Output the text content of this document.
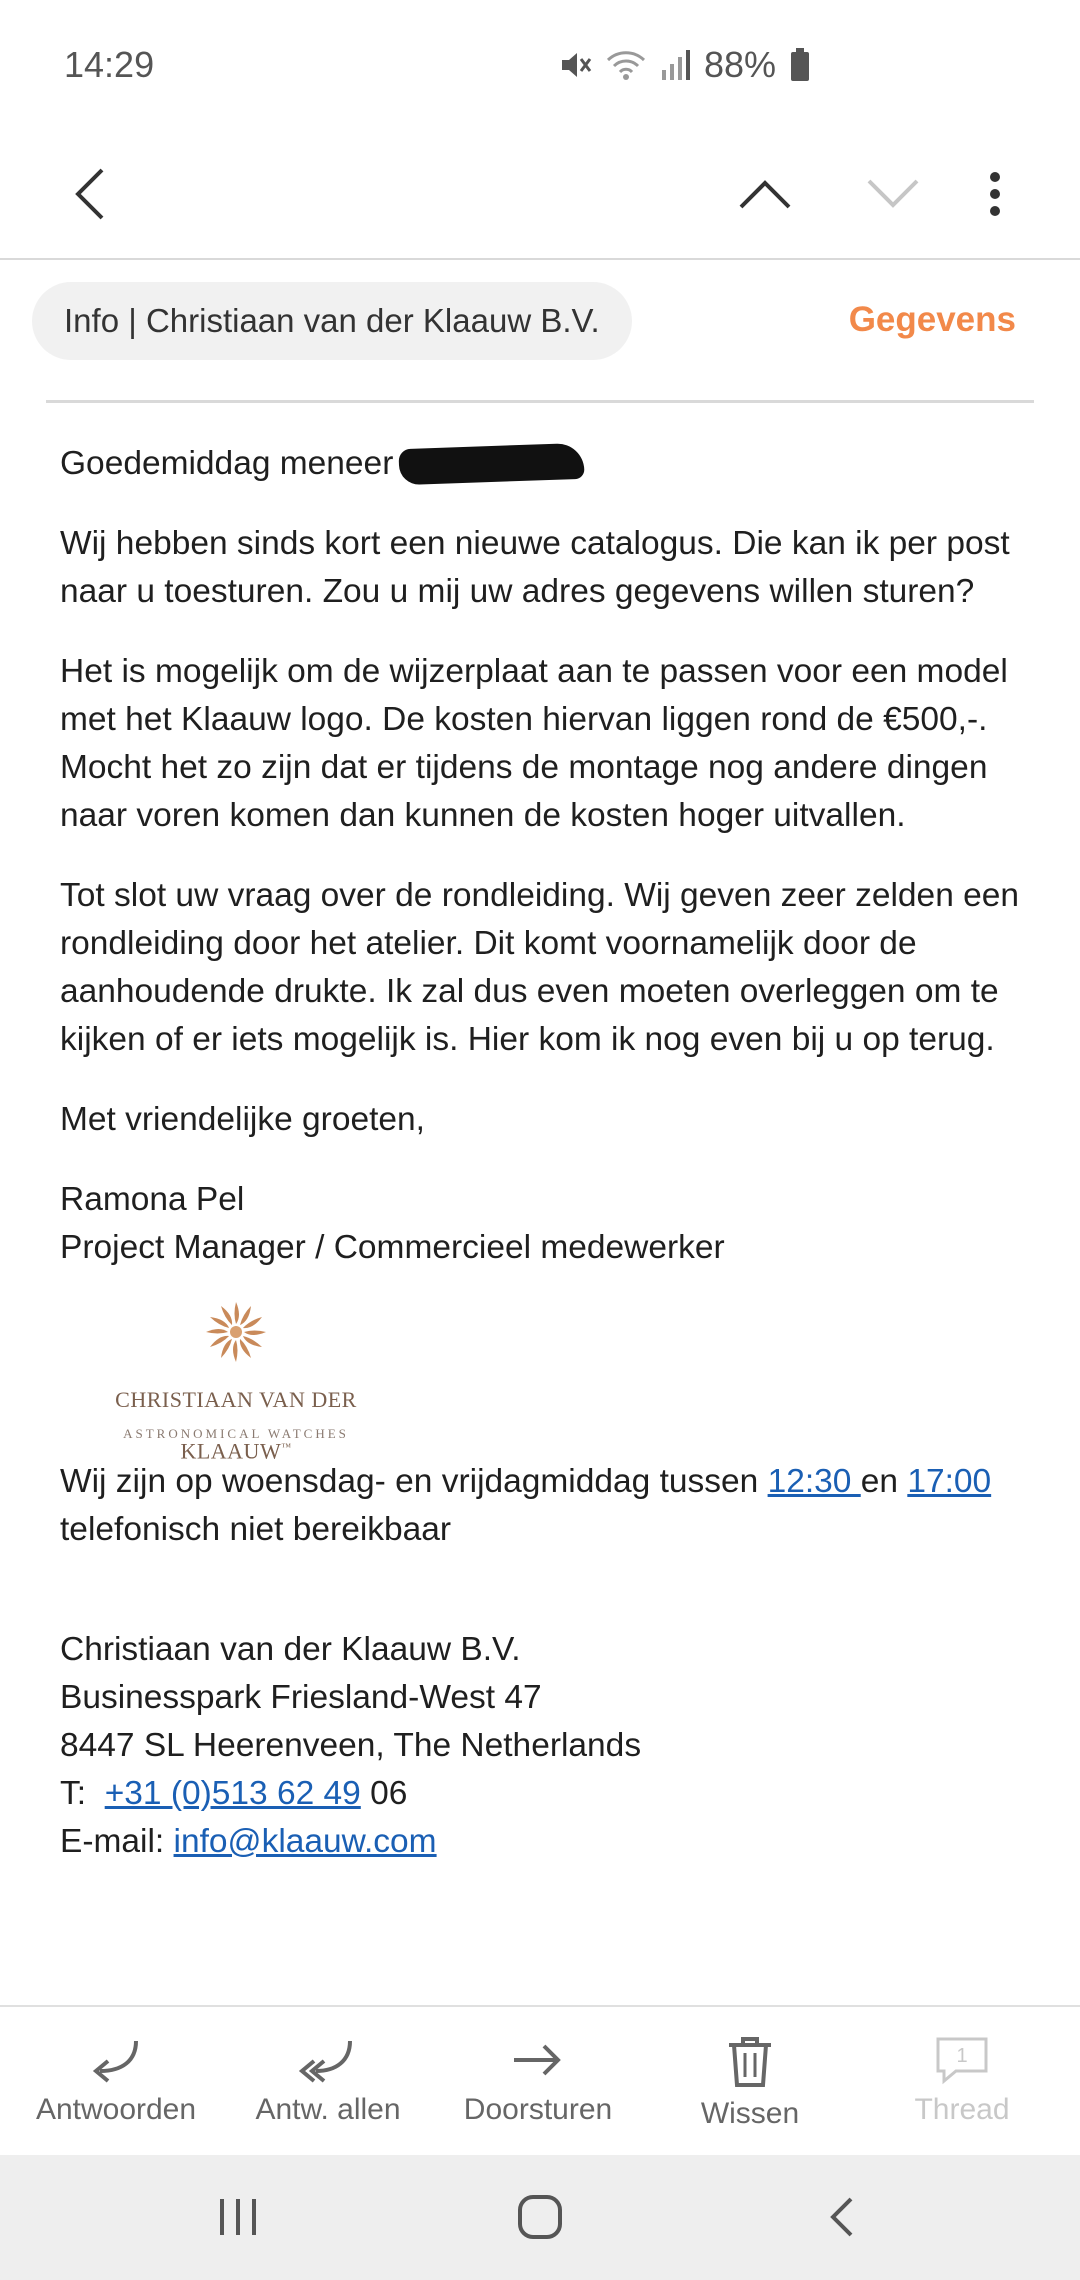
14:29	88%
Info | Christiaan van der Klaauw B.V.	Gegevens

Goedemiddag meneer

Wij hebben sinds kort een nieuwe catalogus. Die kan ik per post naar u toesturen. Zou u mij uw adres gegevens willen sturen?

Het is mogelijk om de wijzerplaat aan te passen voor een model met het Klaauw logo. De kosten hiervan liggen rond de €500,-. Mocht het zo zijn dat er tijdens de montage nog andere dingen naar voren komen dan kunnen de kosten hoger uitvallen.

Tot slot uw vraag over de rondleiding. Wij geven zeer zelden een rondleiding door het atelier. Dit komt voornamelijk door de aanhoudende drukte. Ik zal dus even moeten overleggen om te kijken of er iets mogelijk is. Hier kom ik nog even bij u op terug.

Met vriendelijke groeten,

Ramona Pel
Project Manager / Commercieel medewerker

CHRISTIAAN VAN DER KLAAUW™
ASTRONOMICAL WATCHES

Wij zijn op woensdag- en vrijdagmiddag tussen 12:30 en 17:00
telefonisch niet bereikbaar

Christiaan van der Klaauw B.V.
Businesspark Friesland-West 47
8447 SL Heerenveen, The Netherlands
T: +31 (0)513 62 49 06
E-mail: info@klaauw.com

Antwoorden Antw. allen Doorsturen	Wissen
1
Thread
